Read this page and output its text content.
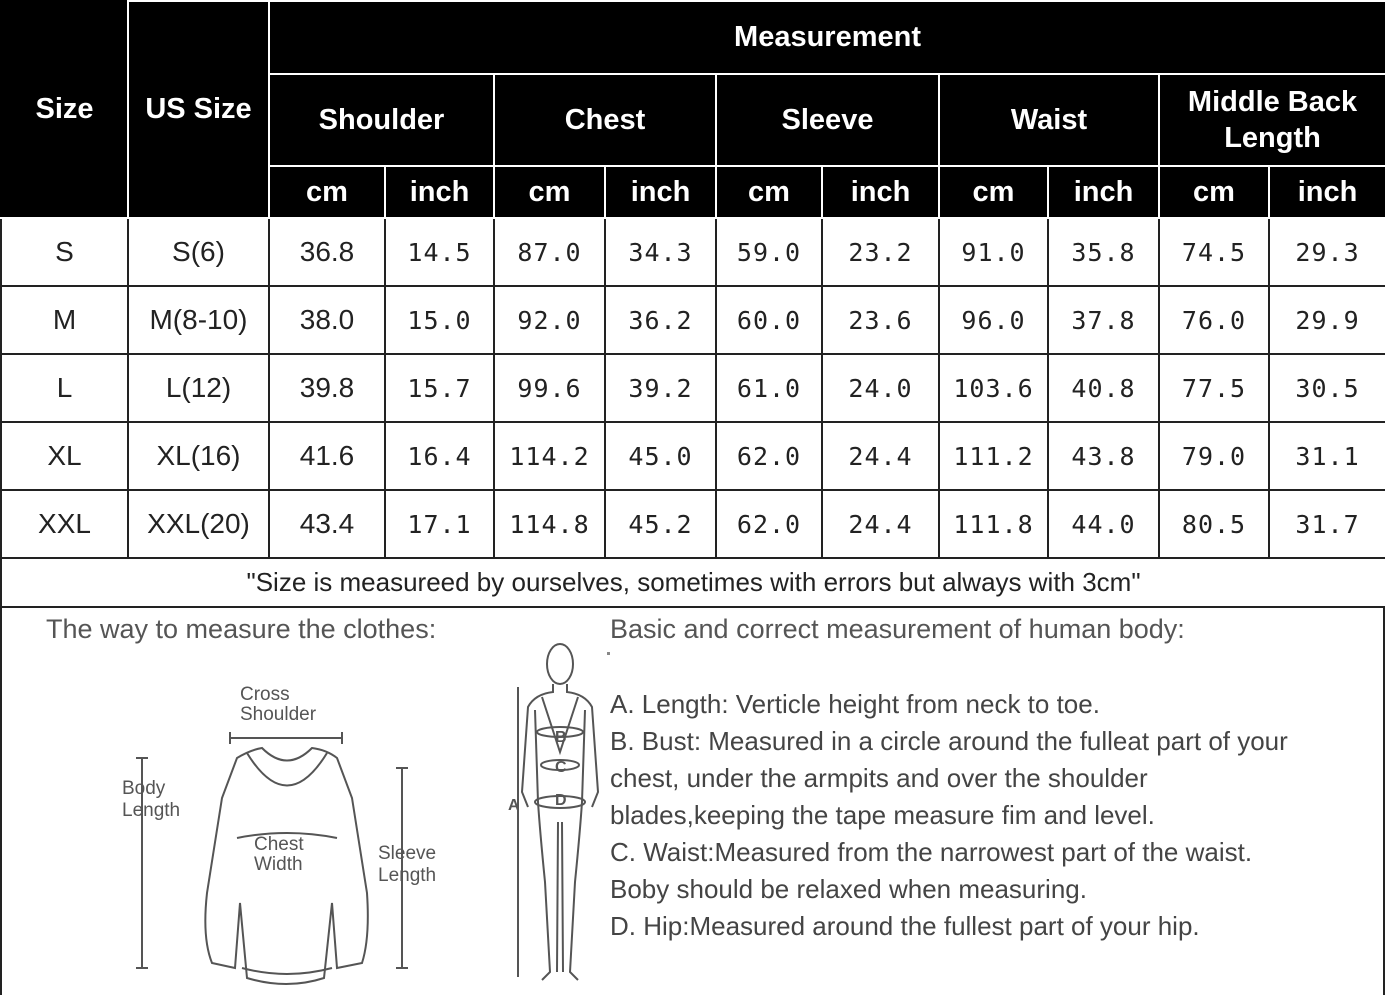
Size	US Size	Measurement									
		Shoulder		Chest		Sleeve		Waist		Middle Back Length	
		cm	inch	cm	inch	cm	inch	cm	inch	cm	inch
S	S(6)	36.8	14.5	87.0	34.3	59.0	23.2	91.0	35.8	74.5	29.3
M	M(8-10)	38.0	15.0	92.0	36.2	60.0	23.6	96.0	37.8	76.0	29.9
L	L(12)	39.8	15.7	99.6	39.2	61.0	24.0	103.6	40.8	77.5	30.5
XL	XL(16)	41.6	16.4	114.2	45.0	62.0	24.4	111.2	43.8	79.0	31.1
XXL	XXL(20)	43.4	17.1	114.8	45.2	62.0	24.4	111.8	44.0	80.5	31.7
"Size is measureed by ourselves, sometimes with errors but always with 3cm"											
The way to measure the clothes:
Cross
Shoulder
Body
Length
Chest
Width
Sleeve
Length
A
B
C
D
Basic and correct measurement of human body:

A. Length: Verticle height from neck to toe.

B. Bust: Measured in a circle around the fulleat part of your

chest, under the armpits and over the shoulder

blades,keeping the tape measure fim and level.

C. Waist:Measured from the narrowest part of the waist.

Boby should be relaxed when measuring.

D. Hip:Measured around the fullest part of your hip.
